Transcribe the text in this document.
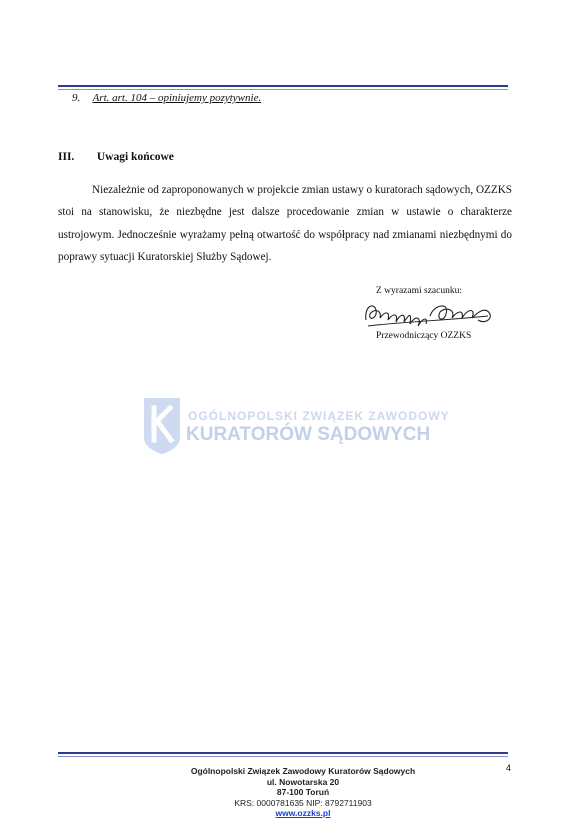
9. Art. art. 104 – opiniujemy pozytywnie.
III. Uwagi końcowe
Niezależnie od zaproponowanych w projekcie zmian ustawy o kuratorach sądowych, OZZKS stoi na stanowisku, że niezbędne jest dalsze procedowanie zmian w ustawie o charakterze ustrojowym. Jednocześnie wyrażamy pełną otwartość do współpracy nad zmianami niezbędnymi do poprawy sytuacji Kuratorskiej Służby Sądowej.
Z wyrazami szacunku:
Przewodniczący OZZKS
OGÓLNOPOLSKI ZWIĄZEK ZAWODOWY
KURATORÓW SĄDOWYCH
4
Ogólnopolski Związek Zawodowy Kuratorów Sądowych
ul. Nowotarska 20
87-100 Toruń
KRS: 0000781635 NIP: 8792711903
www.ozzks.pl
